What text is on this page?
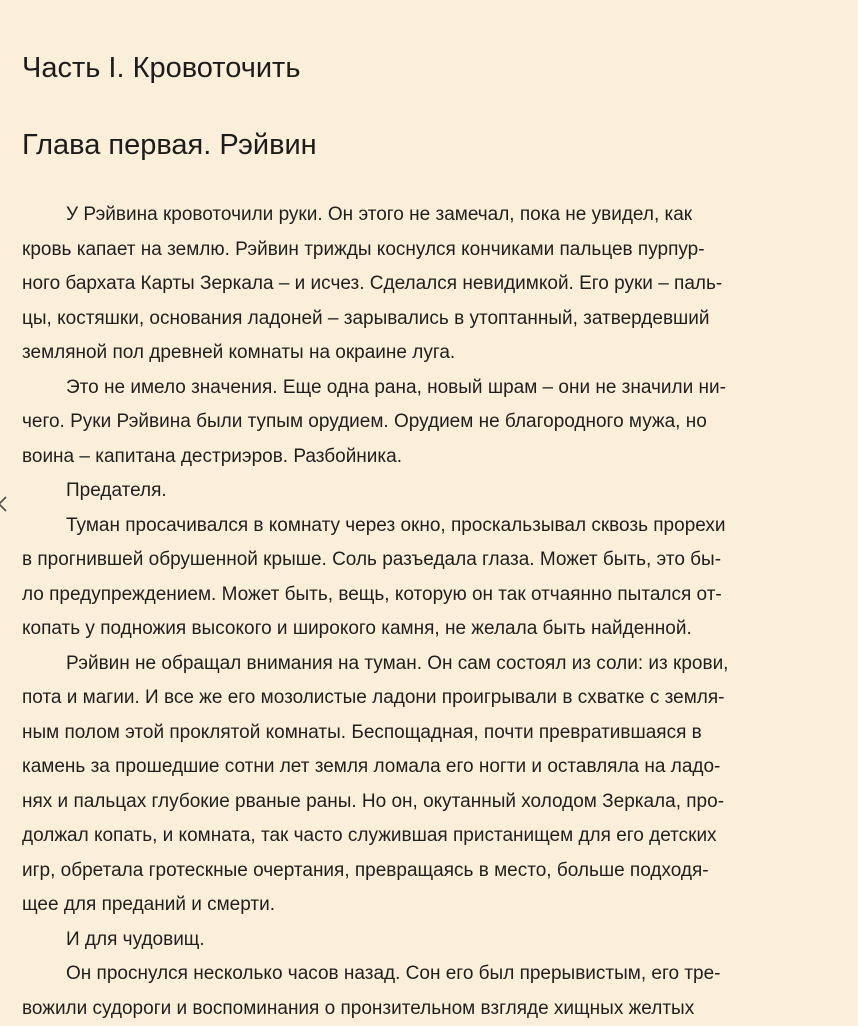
Часть I. Кровоточить
Глава первая. Рэйвин
У Рэйвина кровоточили руки. Он этого не замечал, пока не увидел, как
кровь капает на землю. Рэйвин трижды коснулся кончиками пальцев пурпур-
ного бархата Карты Зеркала – и исчез. Сделался невидимкой. Его руки – паль-
цы, костяшки, основания ладоней – зарывались в утоптанный, затвердевший
земляной пол древней комнаты на окраине луга.
Это не имело значения. Еще одна рана, новый шрам – они не значили ни-
чего. Руки Рэйвина были тупым орудием. Орудием не благородного мужа, но
воина – капитана дестриэров. Разбойника.
Предателя.
Туман просачивался в комнату через окно, проскальзывал сквозь прорехи
в прогнившей обрушенной крыше. Соль разъедала глаза. Может быть, это бы-
ло предупреждением. Может быть, вещь, которую он так отчаянно пытался от-
копать у подножия высокого и широкого камня, не желала быть найденной.
Рэйвин не обращал внимания на туман. Он сам состоял из соли: из крови,
пота и магии. И все же его мозолистые ладони проигрывали в схватке с земля-
ным полом этой проклятой комнаты. Беспощадная, почти превратившаяся в
камень за прошедшие сотни лет земля ломала его ногти и оставляла на ладо-
нях и пальцах глубокие рваные раны. Но он, окутанный холодом Зеркала, про-
должал копать, и комната, так часто служившая пристанищем для его детских
игр, обретала гротескные очертания, превращаясь в место, больше подходя-
щее для преданий и смерти.
И для чудовищ.
Он проснулся несколько часов назад. Сон его был прерывистым, его тре-
вожили судороги и воспоминания о пронзительном взгляде хищных желтых
